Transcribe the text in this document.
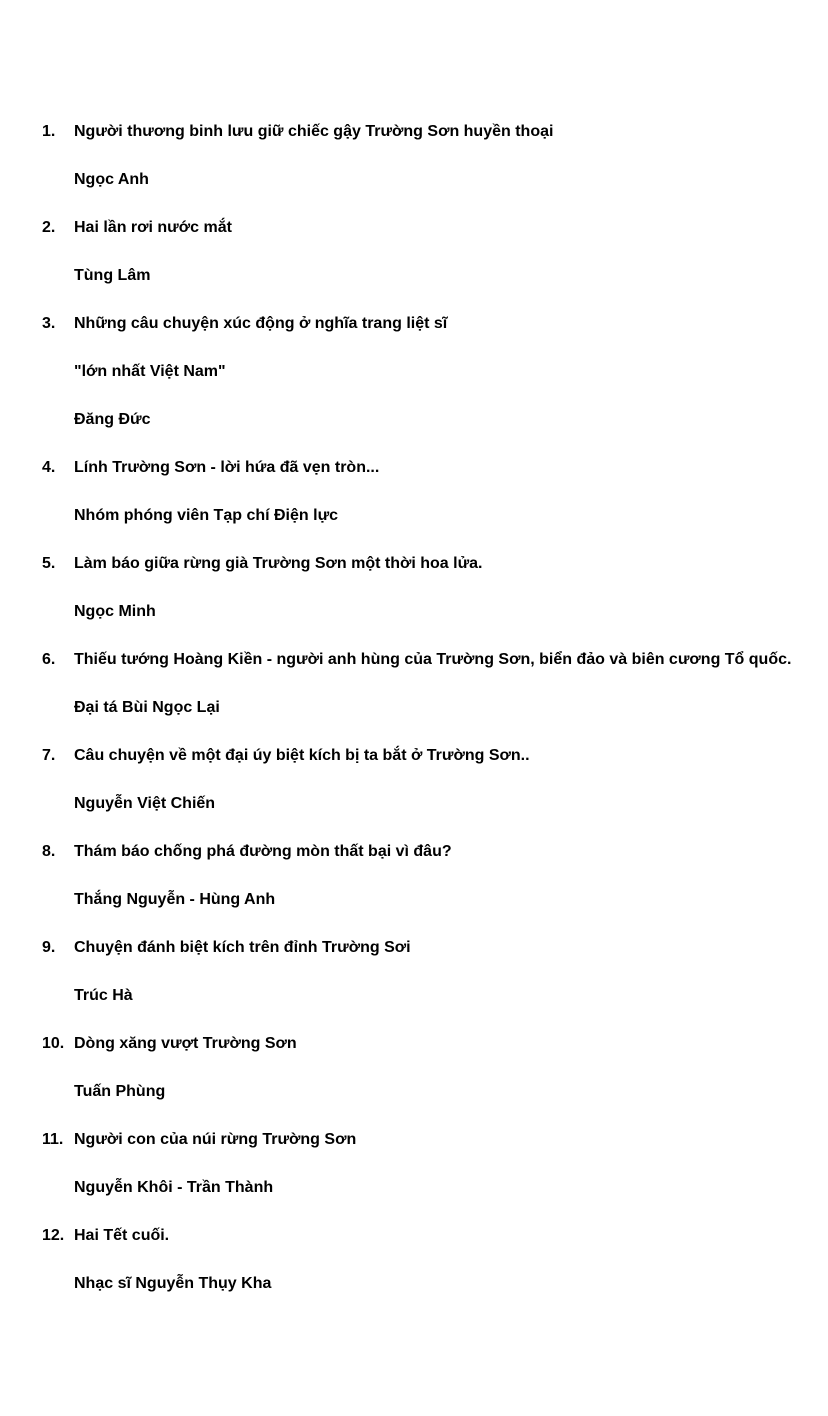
1. Người thương binh lưu giữ chiếc gậy Trường Sơn huyền thoại
Ngọc Anh
2. Hai lần rơi nước mắt
Tùng Lâm
3. Những câu chuyện xúc động ở nghĩa trang liệt sĩ
"lớn nhất Việt Nam"
Đăng Đức
4. Lính Trường Sơn - lời hứa đã vẹn tròn...
Nhóm phóng viên Tạp chí Điện lực
5. Làm báo giữa rừng già Trường Sơn một thời hoa lửa.
Ngọc Minh
6. Thiếu tướng Hoàng Kiền - người anh hùng của Trường Sơn, biển đảo và biên cương Tổ quốc.
Đại tá Bùi Ngọc Lại
7. Câu chuyện về một đại úy biệt kích bị ta bắt ở Trường Sơn..
Nguyễn Việt Chiến
8. Thám báo chống phá đường mòn thất bại vì đâu?
Thắng Nguyễn - Hùng Anh
9. Chuyện đánh biệt kích trên đỉnh Trường Sơi
Trúc Hà
10. Dòng xăng vượt Trường Sơn
Tuấn Phùng
11. Người con của núi rừng Trường Sơn
Nguyễn Khôi - Trần Thành
12. Hai Tết cuối.
Nhạc sĩ Nguyễn Thụy Kha
